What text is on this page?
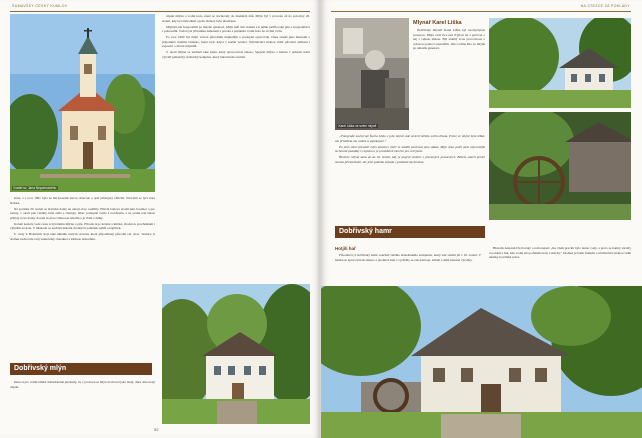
ŠUMAVSKÝ ČESKÝ KUMLOV
Kostel sv. Jana Nepomuckého

ženu, a v roce 1991 byla na mě kostelík znovu obnoven a opět přístupný věřícím. Nad ním se tyčí stará hrobka.

Na počátku 20. století se bratrské domy na okraji obce rozšířily. Hlavní budova slouží jako hostinec a pro turisty, v okolí pak vznikly letní sídla a chalupy. Obec postupně rostla a rozrůstala, a na svahu nad řekou přibyly nové domy. Kostel stojí na vršku nad údolím a je vidět z dálky.

Kolem kostela vede cesta k bývalému mlýnu a pile. Příroda tu je krásná a klidná, vhodná k procházkám i výletům na kole. V blízkosti se nachází několik drobných památek, křížů a kapliček.

U cesty k Boleticím stojí také několik starých stavení, která připomínají původní ráz obce. Vesnice si dodnes zachovala svůj venkovský charakter a klidnou atmosféru.

Dobřivský mlýn

Dnes si pro velmi blízké dohledatelné předsedy, že v prostoru se mlýn dochoval jako malý, dnes obnovený objekt.

objekt mlýna a vodní kolo, které se dochovaly do dnešních dnů. Mlýn byl v provozu až do poloviny 20. století, kdy byl znárodněn a jeho činnost byla ukončena.

Mlynáři zde hospodařili po mnoho generací. Mlýn měl dvě složení a k němu patřila také pila a hospodářství s polnostmi. Voda byla přiváděna náhonem z potoka a poháněla vodní kolo na vrchní vodu.

Po roce 1990 byl mlýn vrácen původním majitelům a postupně opravován. Dnes slouží jako muzeum a připomíná tradiční řemeslo, které bylo kdysi v každé vesnici. Návštěvníci mohou vidět původní zařízení i expozici o životě mlynářů.

V okolí mlýna se nachází také hamr, který zpracovával železo. Spojení mlýna a hamru v jednom údolí vytváří jedinečný technický komplex, který láká mnoho turistů.

92
NA STEZCE ZA POKLADY
Karel Liška ve svém mlýně
Mlynář Karel Liška

Dobřivský mlynář Karel Liška byl neobyčejnou postavou. Mlýn vedl více než čtyřicet let a pečoval o něj s velkou láskou. Byl známý svou pracovitostí a ochotou pomoci sousedům. Jeho rodina žila ve mlýně po několik generací.

„Fotografie zachycuje Karla Lišku v jeho mlýně, kde strávil většinu svého života. Práce ve mlýně byla těžká, ale přinášela mu radost a uspokojení.“

Po jeho smrti převzali mlýn potomci, kteří se snažili zachovat jeho odkaz. Mlýn dnes patří mezi nejcennější technické památky v regionu a je pravidelně otevřen pro veřejnost.

Historie mlýna sahá až do 16. století, kdy je poprvé zmíněn v písemných pramenech. Během staletí prošel mnoha přestavbami, ale jeho podoba zůstala v podstatě zachována.

Dobřivský hamr
Hotjší hař

Původně byl dobřivský hamr součástí většího železářského komplexu, který zde vznikl již v 16. století. V hamru se zpracovávalo železo z okolních hutí a vyráběly se zde nástroje, nářadí a další železné výrobky.

Historik Antonín Dvořovský o tom napsal: „Ke všem pracím bylo nutno vody, a proto se hamry stavěly u potoků a řek, kde vodní síla poháněla kola a měchy.“ Dodnes je hamr funkční a návštěvníci mohou vidět ukázky kovářské práce.
